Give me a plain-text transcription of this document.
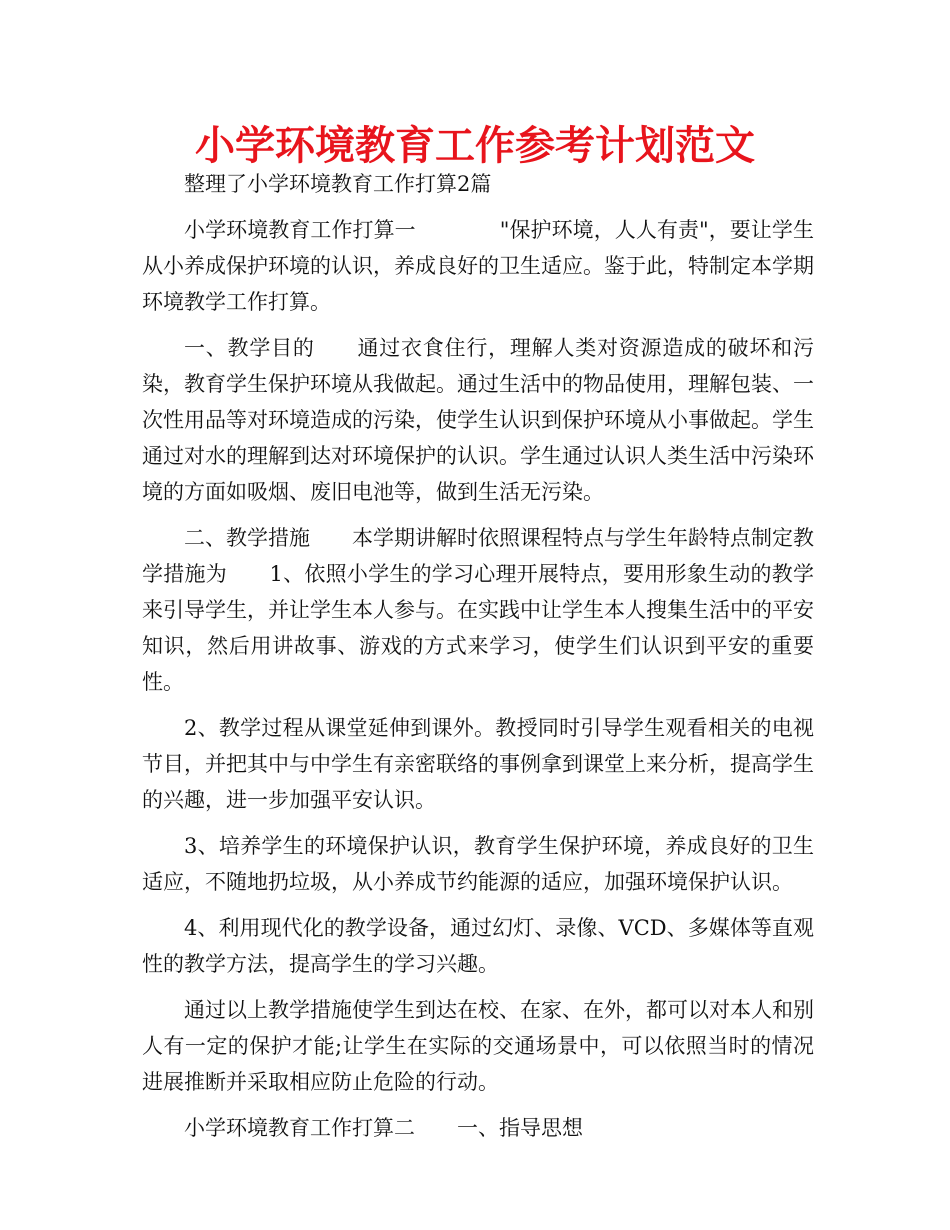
小学环境教育工作参考计划范文

整理了小学环境教育工作打算2篇

小学环境教育工作打算一	"保护环境，人人有责"，要让学生从小养成保护环境的认识，养成良好的卫生适应。鉴于此，特制定本学期环境教学工作打算。

一、教学目的 通过衣食住行，理解人类对资源造成的破坏和污染，教育学生保护环境从我做起。通过生活中的物品使用，理解包装、一次性用品等对环境造成的污染，使学生认识到保护环境从小事做起。学生通过对水的理解到达对环境保护的认识。学生通过认识人类生活中污染环境的方面如吸烟、废旧电池等，做到生活无污染。

二、教学措施 本学期讲解时依照课程特点与学生年龄特点制定教学措施为　　1、依照小学生的学习心理开展特点，要用形象生动的教学来引导学生，并让学生本人参与。在实践中让学生本人搜集生活中的平安知识，然后用讲故事、游戏的方式来学习，使学生们认识到平安的重要性。

2、教学过程从课堂延伸到课外。教授同时引导学生观看相关的电视节目，并把其中与中学生有亲密联络的事例拿到课堂上来分析，提高学生的兴趣，进一步加强平安认识。

3、培养学生的环境保护认识，教育学生保护环境，养成良好的卫生适应，不随地扔垃圾，从小养成节约能源的适应，加强环境保护认识。

4、利用现代化的教学设备，通过幻灯、录像、VCD、多媒体等直观性的教学方法，提高学生的学习兴趣。

通过以上教学措施使学生到达在校、在家、在外，都可以对本人和别人有一定的保护才能;让学生在实际的交通场景中，可以依照当时的情况进展推断并采取相应防止危险的行动。

小学环境教育工作打算二 一、指导思想
